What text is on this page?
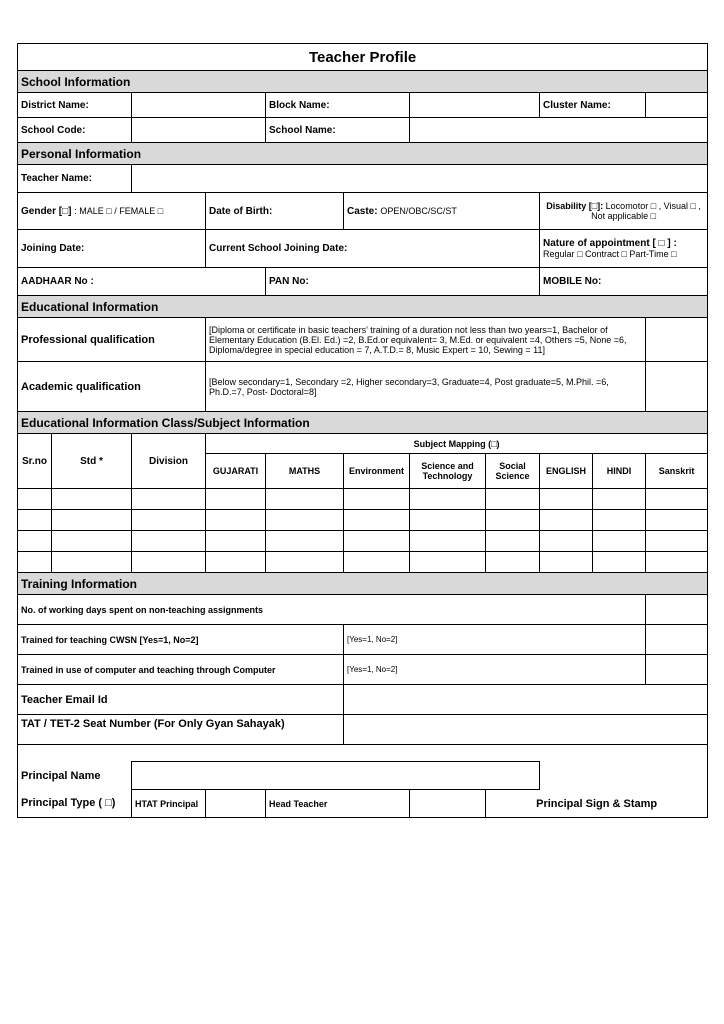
Teacher Profile										
School Information										
District Name:				Block Name:				Cluster Name:		
School Code:				School Name:						
Personal Information										
Teacher Name:										
Gender [□] : MALE □ / FEMALE □			Date of Birth:		Caste: OPEN/OBC/SC/ST			Disability [□]: Locomotor □ , Visual □ ,
Not applicable □		
Joining Date:			Current School Joining Date:					Nature of appointment [ □ ] :
Regular □ Contract □ Part-Time □		
AADHAAR No :				PAN No:				MOBILE No:		
Educational Information										
Professional qualification			[Diploma or certificate in basic teachers' training of a duration not less than two years=1, Bachelor of Elementary Education (B.El. Ed.) =2, B.Ed.or equivalent= 3, M.Ed. or equivalent =4, Others =5, None =6, Diploma/degree in special education = 7, A.T.D.= 8, Music Expert = 10, Sewing = 11]							
Academic qualification			[Below secondary=1, Secondary =2, Higher secondary=3, Graduate=4, Post graduate=5, M.Phil. =6, Ph.D.=7, Post- Doctoral=8]							
Educational Information Class/Subject Information										
Sr.no	Std *	Division	Subject Mapping (□)							
			GUJARATI	MATHS	Environment	Science and Technology	Social Science	ENGLISH	HINDI	Sanskrit

Training Information										
No. of working days spent on non-teaching assignments										
Trained for teaching CWSN [Yes=1, No=2]					[Yes=1, No=2]					
Trained in use of computer and teaching through Computer					[Yes=1, No=2]					
Teacher Email Id										
TAT / TET-2 Seat Number (For Only Gyan Sahayak)										

Principal Name										
Principal Type ( □)		HTAT Principal		Head Teacher			Principal Sign & Stamp			
